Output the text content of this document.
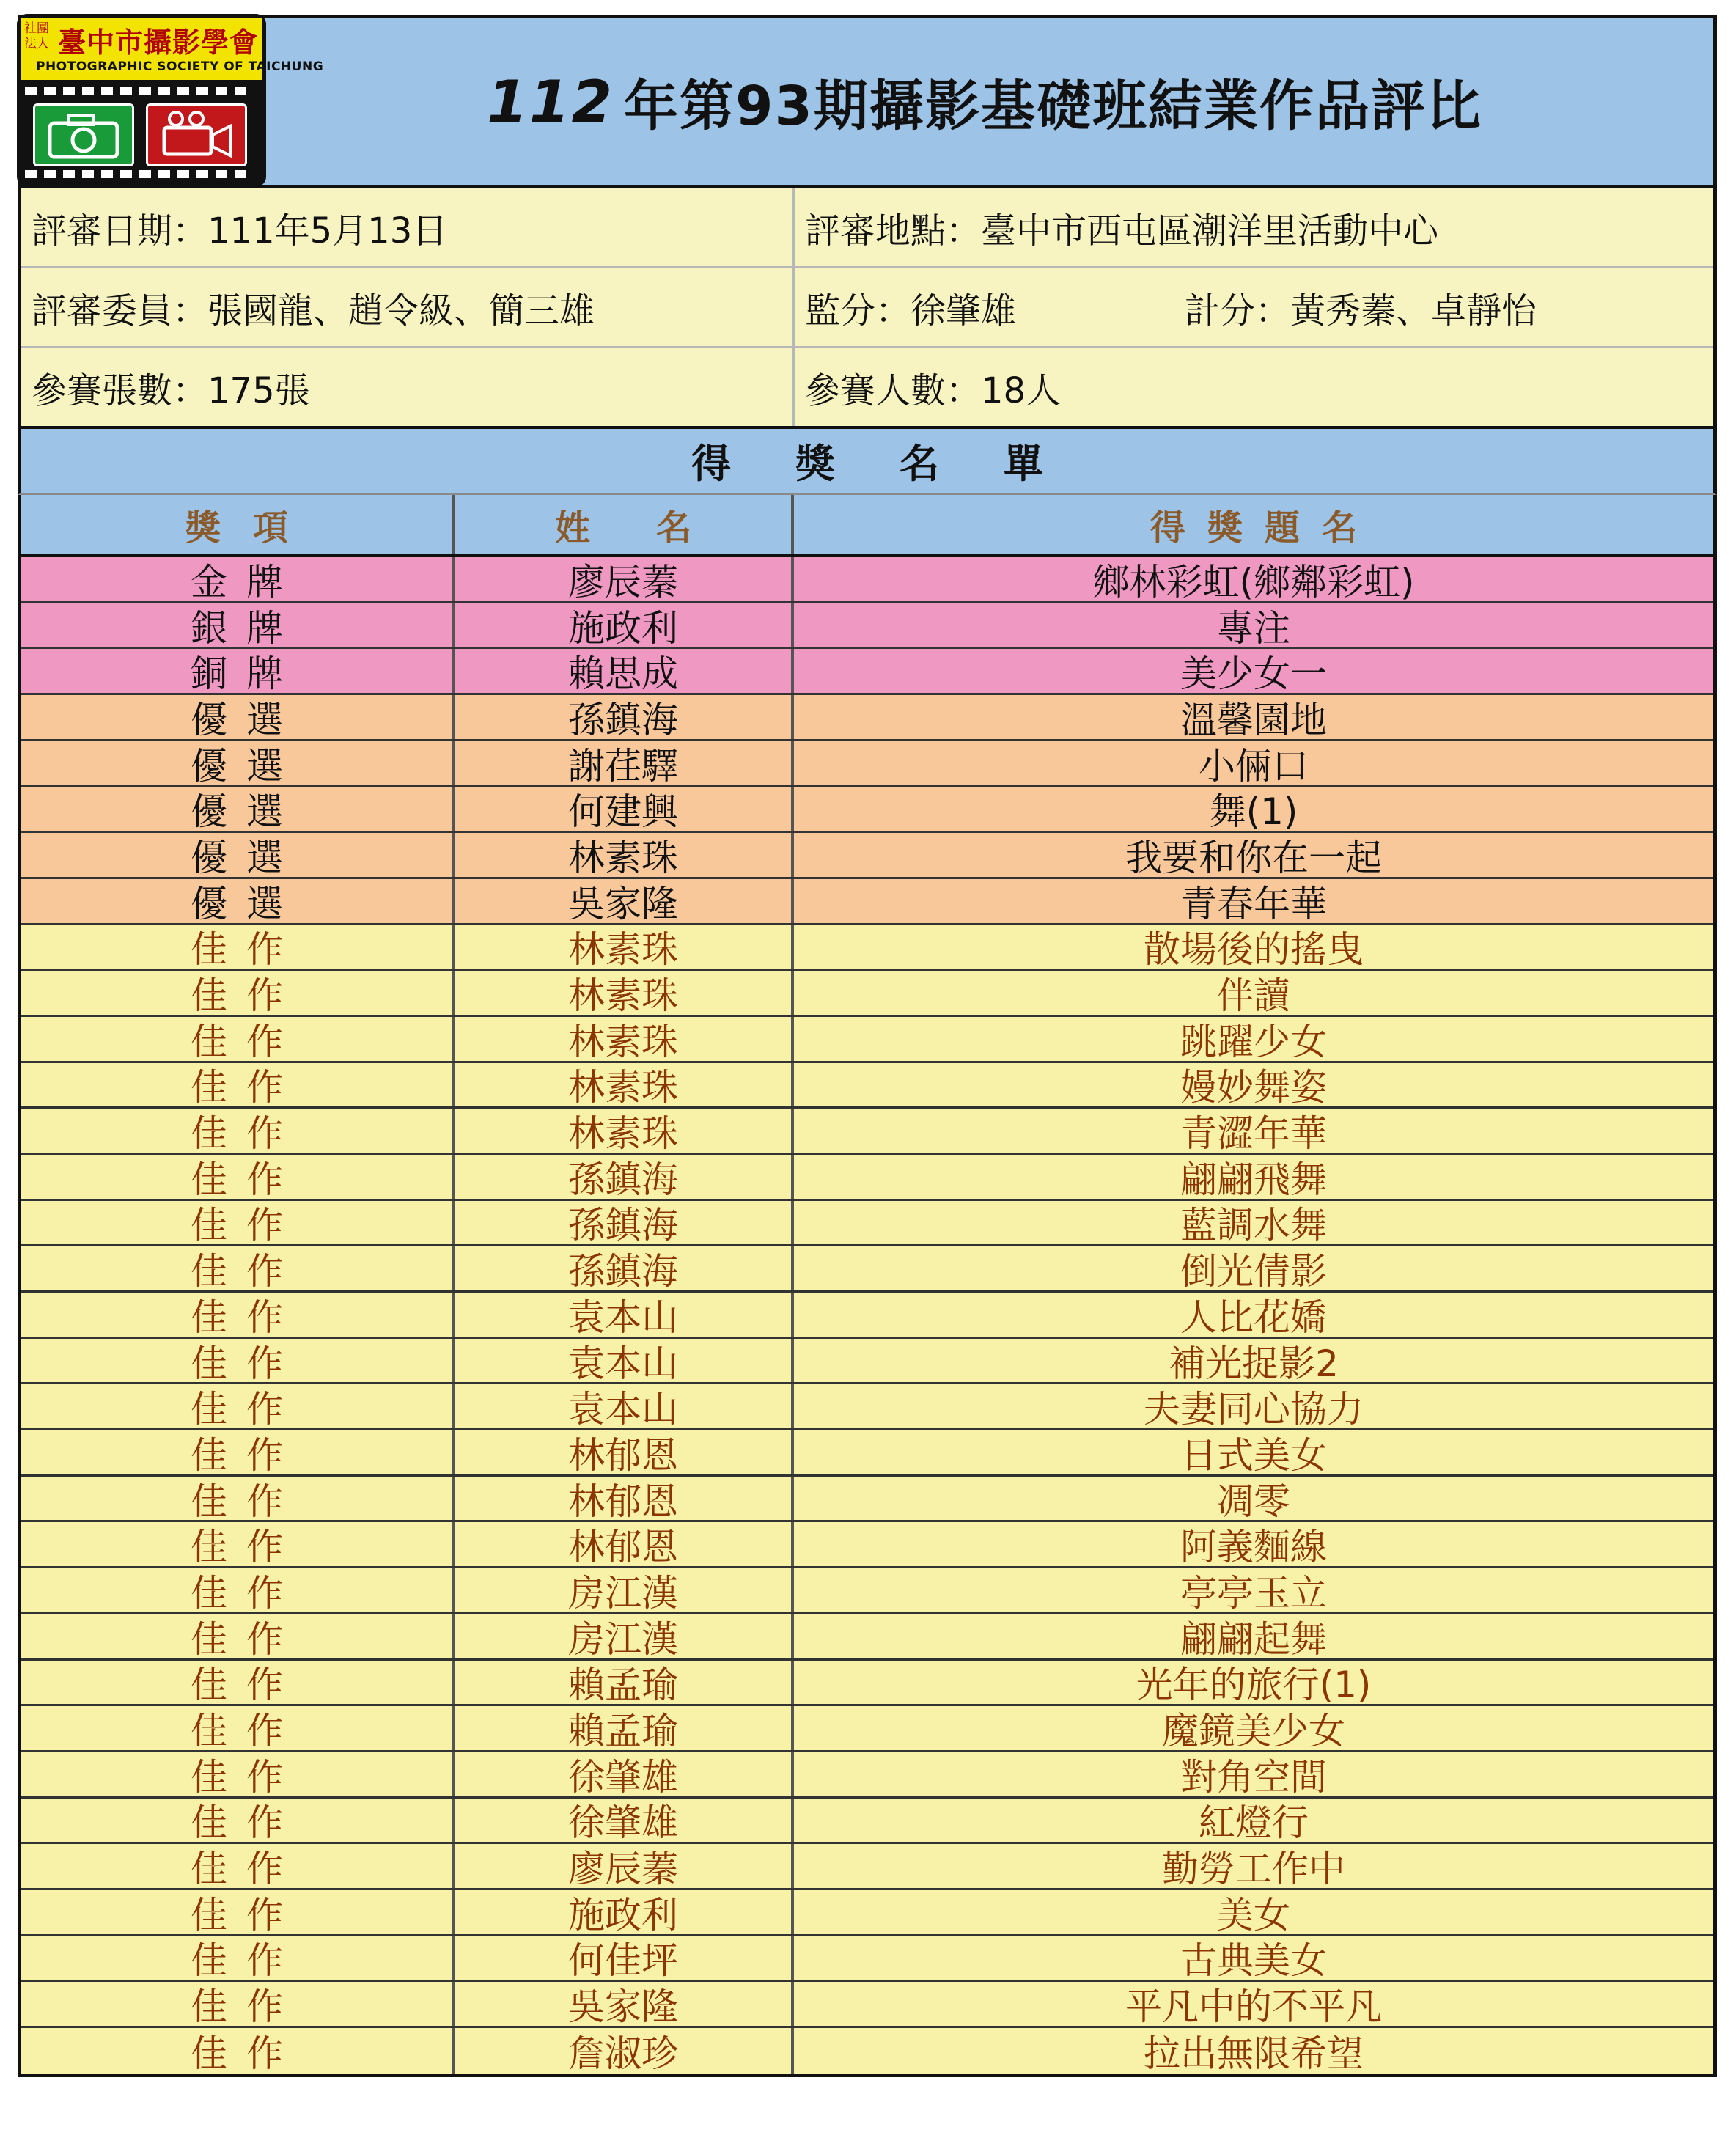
社團法人 臺中市攝影學會
PHOTOGRAPHIC SOCIETY OF TAICHUNG
112 年第93期攝影基礎班結業作品評比
評審日期：111年5月13日	評審地點：臺中市西屯區潮洋里活動中心
評審委員：張國龍、趙令級、簡三雄	監分：徐肇雄	計分：黃秀蓁、卓靜怡
參賽張數：175張	參賽人數：18人
得獎名單
獎項	姓名	得獎題名
金牌	廖辰蓁	鄉林彩虹(鄉鄰彩虹)
銀牌	施政利	專注
銅牌	賴思成	美少女一
優選	孫鎮海	溫馨園地
優選	謝荏驛	小倆口
優選	何建興	舞(1)
優選	林素珠	我要和你在一起
優選	吳家隆	青春年華
佳作	林素珠	散場後的搖曳
佳作	林素珠	伴讀
佳作	林素珠	跳躍少女
佳作	林素珠	嫚妙舞姿
佳作	林素珠	青澀年華
佳作	孫鎮海	翩翩飛舞
佳作	孫鎮海	藍調水舞
佳作	孫鎮海	倒光倩影
佳作	袁本山	人比花嬌
佳作	袁本山	補光捉影2
佳作	袁本山	夫妻同心協力
佳作	林郁恩	日式美女
佳作	林郁恩	凋零
佳作	林郁恩	阿義麵線
佳作	房江漢	亭亭玉立
佳作	房江漢	翩翩起舞
佳作	賴孟瑜	光年的旅行(1)
佳作	賴孟瑜	魔鏡美少女
佳作	徐肇雄	對角空間
佳作	徐肇雄	紅燈行
佳作	廖辰蓁	勤勞工作中
佳作	施政利	美女
佳作	何佳坪	古典美女
佳作	吳家隆	平凡中的不平凡
佳作	詹淑珍	拉出無限希望
